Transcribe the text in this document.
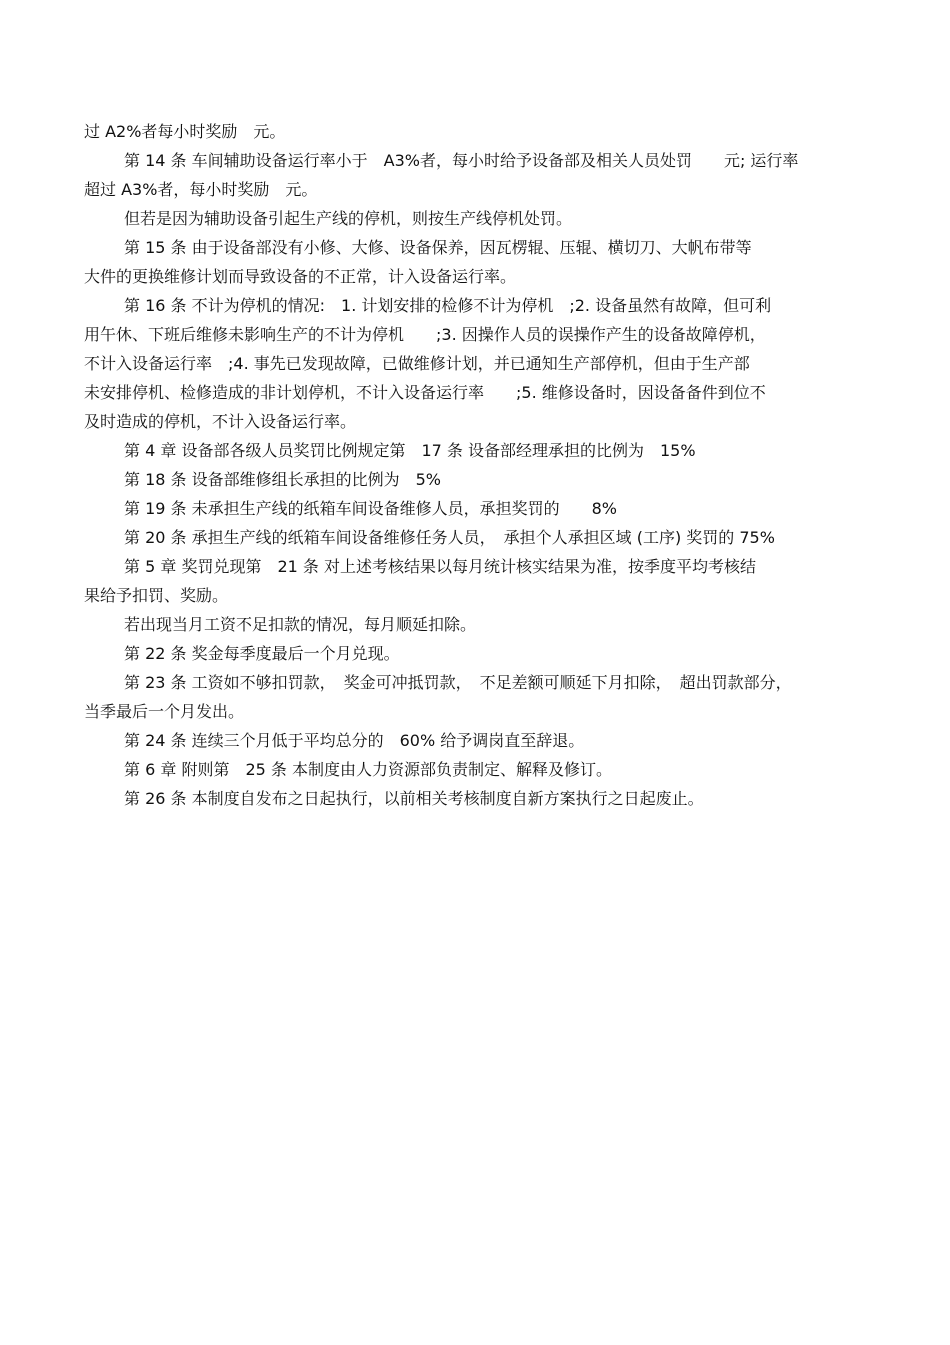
过 A2%者每小时奖励　元。
第 14 条 车间辅助设备运行率小于　A3%者，每小时给予设备部及相关人员处罚　　元; 运行率
超过 A3%者，每小时奖励　元。
但若是因为辅助设备引起生产线的停机，则按生产线停机处罚。
第 15 条 由于设备部没有小修、大修、设备保养，因瓦楞辊、压辊、横切刀、大帆布带等
大件的更换维修计划而导致设备的不正常，计入设备运行率。
第 16 条 不计为停机的情况:　1. 计划安排的检修不计为停机　;2. 设备虽然有故障，但可利
用午休、下班后维修未影响生产的不计为停机　　;3. 因操作人员的误操作产生的设备故障停机，
不计入设备运行率　;4. 事先已发现故障，已做维修计划，并已通知生产部停机，但由于生产部
未安排停机、检修造成的非计划停机，不计入设备运行率　　;5. 维修设备时，因设备备件到位不
及时造成的停机，不计入设备运行率。
第 4 章 设备部各级人员奖罚比例规定第　17 条 设备部经理承担的比例为　15%
第 18 条 设备部维修组长承担的比例为　5%
第 19 条 未承担生产线的纸箱车间设备维修人员，承担奖罚的　　8%
第 20 条 承担生产线的纸箱车间设备维修任务人员，　承担个人承担区域 (工序) 奖罚的 75%
第 5 章 奖罚兑现第　21 条 对上述考核结果以每月统计核实结果为准，按季度平均考核结
果给予扣罚、奖励。
若出现当月工资不足扣款的情况，每月顺延扣除。
第 22 条 奖金每季度最后一个月兑现。
第 23 条 工资如不够扣罚款，　奖金可冲抵罚款，　不足差额可顺延下月扣除，　超出罚款部分，
当季最后一个月发出。
第 24 条 连续三个月低于平均总分的　60% 给予调岗直至辞退。
第 6 章 附则第　25 条 本制度由人力资源部负责制定、解释及修订。
第 26 条 本制度自发布之日起执行，以前相关考核制度自新方案执行之日起废止。
